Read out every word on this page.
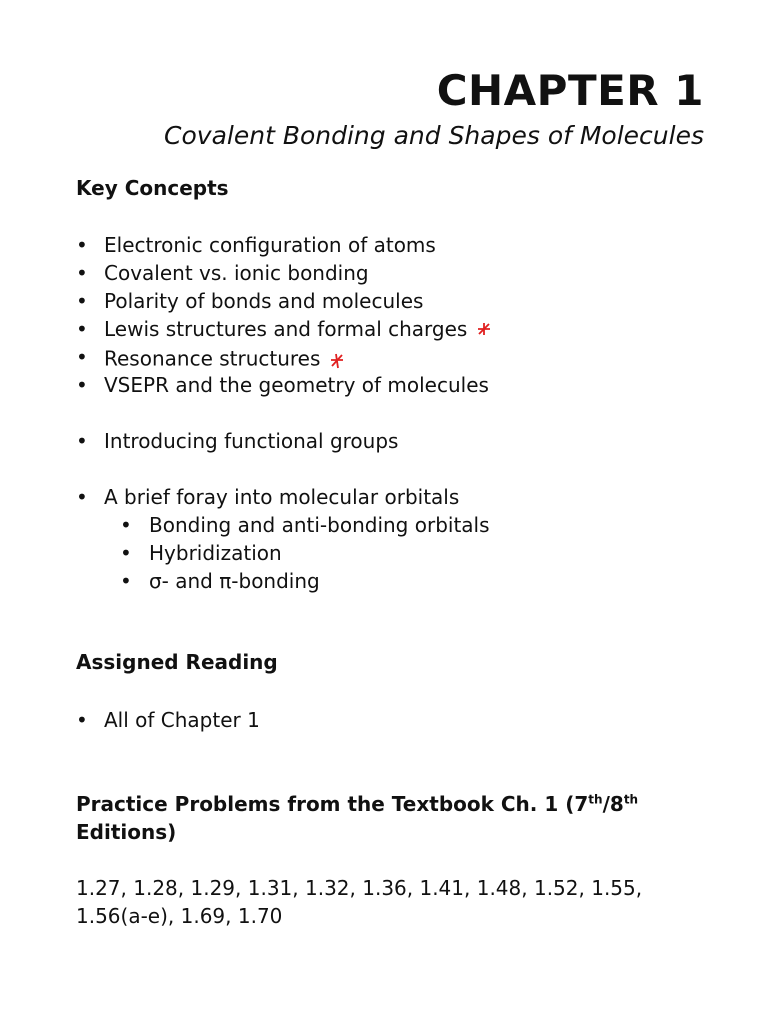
CHAPTER 1
Covalent Bonding and Shapes of Molecules
Key Concepts
• Electronic configuration of atoms
• Covalent vs. ionic bonding
• Polarity of bonds and molecules
• Lewis structures and formal charges
• Resonance structures
• VSEPR and the geometry of molecules
• Introducing functional groups
• A brief foray into molecular orbitals
• Bonding and anti-bonding orbitals
• Hybridization
• σ- and π-bonding
Assigned Reading
• All of Chapter 1
Practice Problems from the Textbook Ch. 1 (7th/8th Editions)
1.27, 1.28, 1.29, 1.31, 1.32, 1.36, 1.41, 1.48, 1.52, 1.55, 1.56(a-e), 1.69, 1.70
